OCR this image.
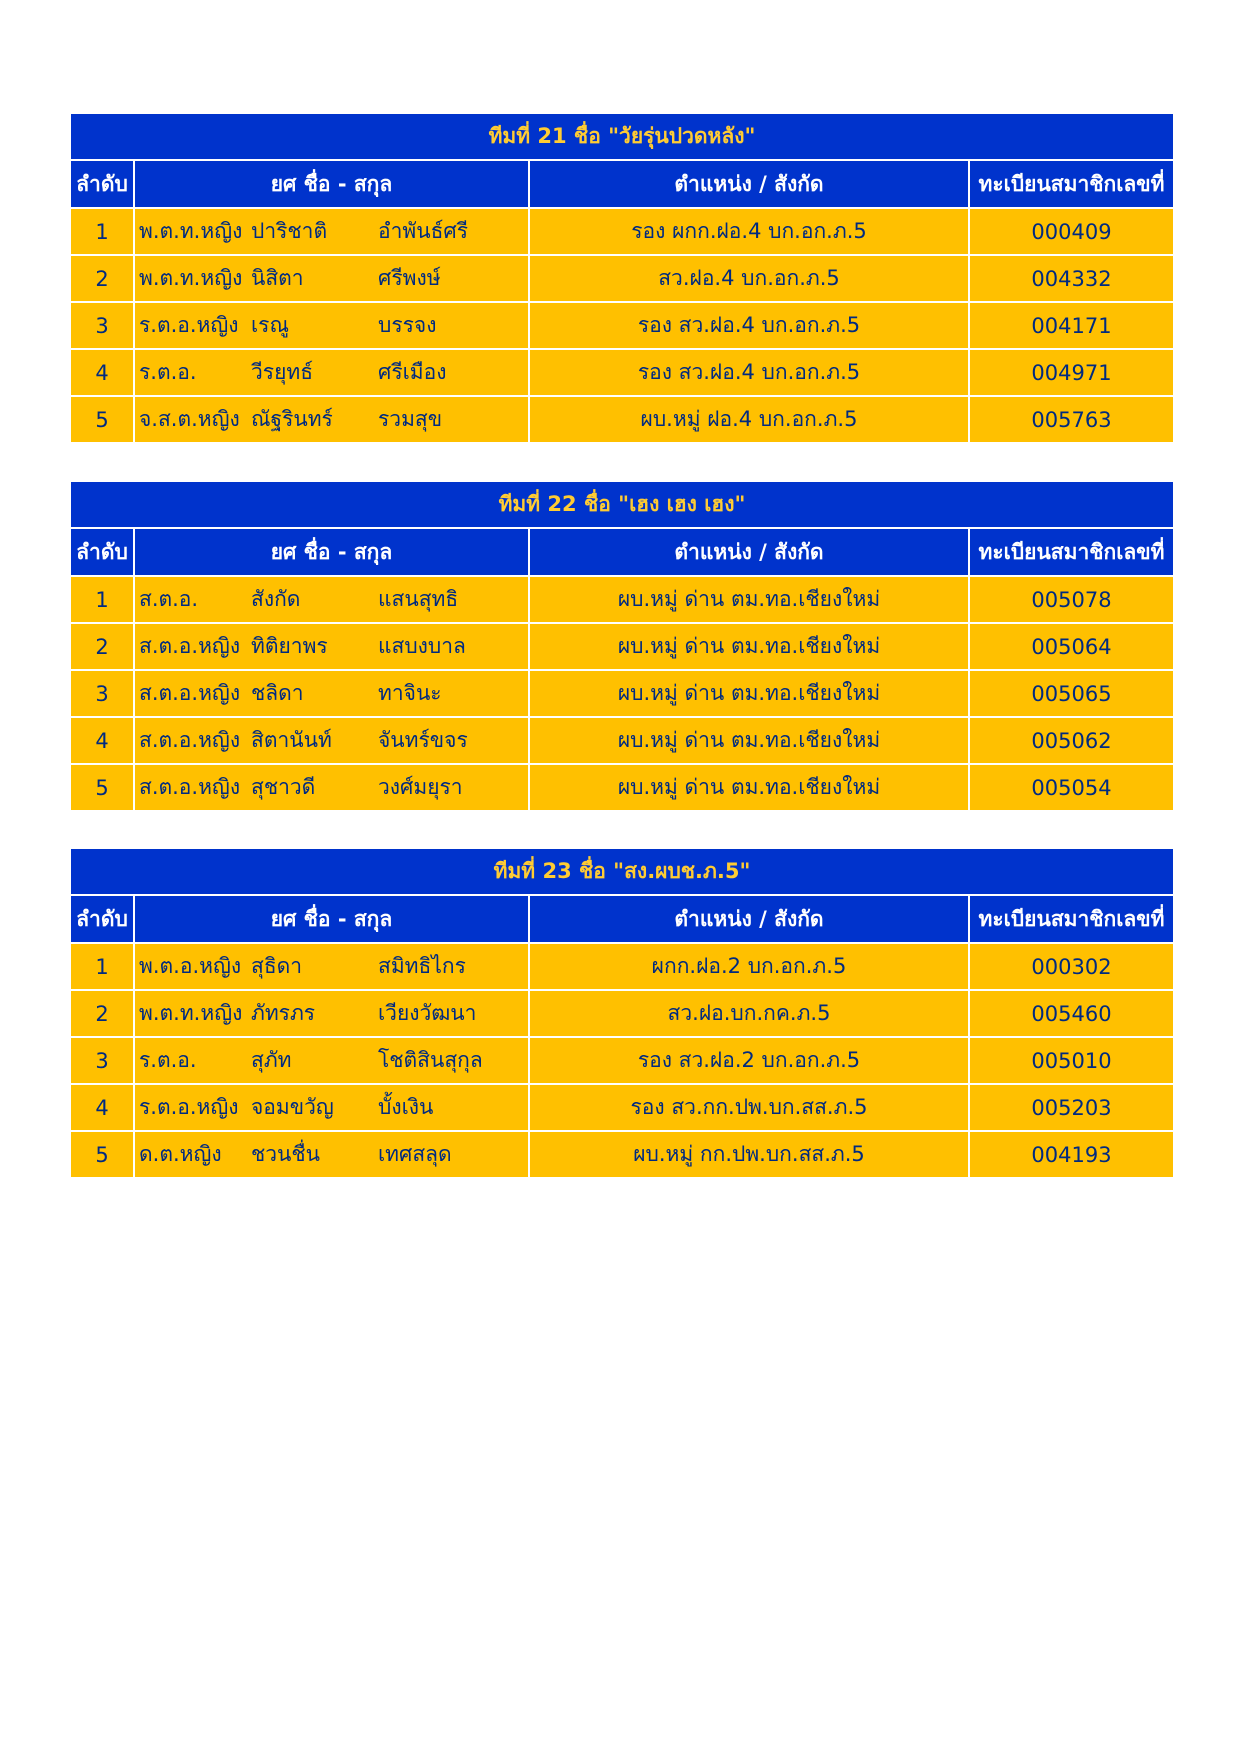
ทีมที่ 21 ชื่อ "วัยรุ่นปวดหลัง"			
ลำดับ	ยศ ชื่อ - สกุล	ตำแหน่ง / สังกัด	ทะเบียนสมาชิกเลขที่
1	พ.ต.ท.หญิง ปาริชาติ อำพันธ์ศรี	รอง ผกก.ฝอ.4 บก.อก.ภ.5	000409
2	พ.ต.ท.หญิง นิสิตา ศรีพงษ์	สว.ฝอ.4 บก.อก.ภ.5	004332
3	ร.ต.อ.หญิง เรณู บรรจง	รอง สว.ฝอ.4 บก.อก.ภ.5	004171
4	ร.ต.อ. วีรยุทธ์ ศรีเมือง	รอง สว.ฝอ.4 บก.อก.ภ.5	004971
5	จ.ส.ต.หญิง ณัฐรินทร์ รวมสุข	ผบ.หมู่ ฝอ.4 บก.อก.ภ.5	005763
ทีมที่ 22 ชื่อ "เฮง เฮง เฮง"			
ลำดับ	ยศ ชื่อ - สกุล	ตำแหน่ง / สังกัด	ทะเบียนสมาชิกเลขที่
1	ส.ต.อ. สังกัด แสนสุทธิ	ผบ.หมู่ ด่าน ตม.ทอ.เชียงใหม่	005078
2	ส.ต.อ.หญิง ทิติยาพร แสบงบาล	ผบ.หมู่ ด่าน ตม.ทอ.เชียงใหม่	005064
3	ส.ต.อ.หญิง ชลิดา ทาจินะ	ผบ.หมู่ ด่าน ตม.ทอ.เชียงใหม่	005065
4	ส.ต.อ.หญิง สิตานันท์ จันทร์ขจร	ผบ.หมู่ ด่าน ตม.ทอ.เชียงใหม่	005062
5	ส.ต.อ.หญิง สุชาวดี วงศ์มยุรา	ผบ.หมู่ ด่าน ตม.ทอ.เชียงใหม่	005054
ทีมที่ 23 ชื่อ "สง.ผบช.ภ.5"			
ลำดับ	ยศ ชื่อ - สกุล	ตำแหน่ง / สังกัด	ทะเบียนสมาชิกเลขที่
1	พ.ต.อ.หญิง สุธิดา สมิทธิไกร	ผกก.ฝอ.2 บก.อก.ภ.5	000302
2	พ.ต.ท.หญิง ภัทรภร เวียงวัฒนา	สว.ฝอ.บก.กค.ภ.5	005460
3	ร.ต.อ. สุภัท โชติสินสุกุล	รอง สว.ฝอ.2 บก.อก.ภ.5	005010
4	ร.ต.อ.หญิง จอมขวัญ บั้งเงิน	รอง สว.กก.ปพ.บก.สส.ภ.5	005203
5	ด.ต.หญิง ชวนชื่น เทศสลุด	ผบ.หมู่ กก.ปพ.บก.สส.ภ.5	004193
